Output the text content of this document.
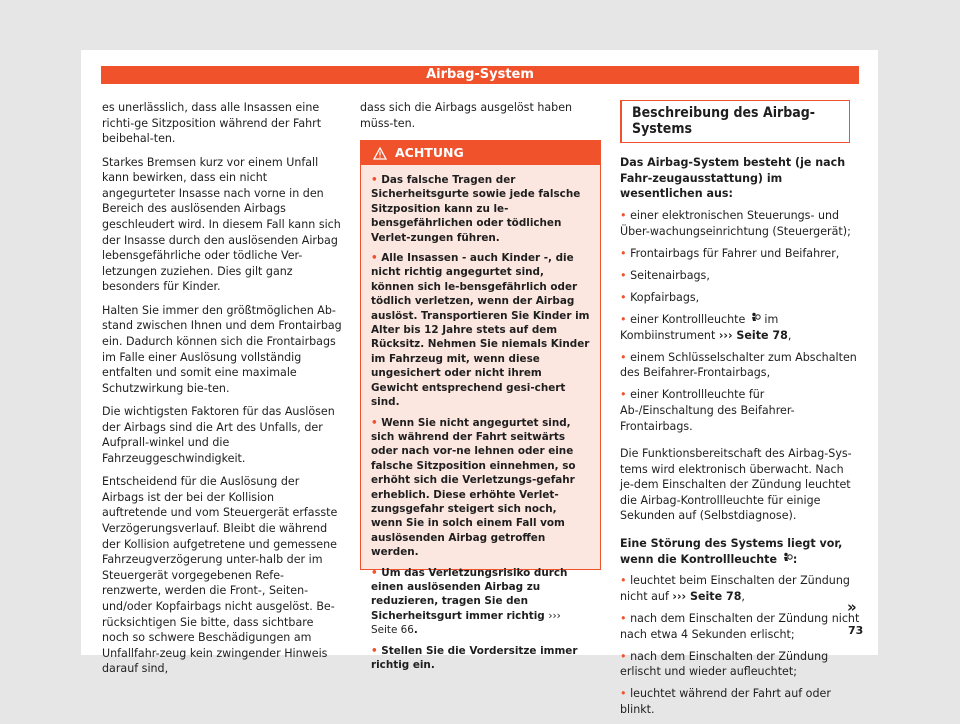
Airbag-System

es unerlässlich, dass alle Insassen eine richti-ge Sitzposition während der Fahrt beibehal-ten.

Starkes Bremsen kurz vor einem Unfall kann bewirken, dass ein nicht angegurteter Insasse nach vorne in den Bereich des auslösenden Airbags geschleudert wird. In diesem Fall kann sich der Insasse durch den auslösenden Airbag lebensgefährliche oder tödliche Ver-letzungen zuziehen. Dies gilt ganz besonders für Kinder.

Halten Sie immer den größtmöglichen Ab-stand zwischen Ihnen und dem Frontairbag ein. Dadurch können sich die Frontairbags im Falle einer Auslösung vollständig entfalten und somit eine maximale Schutzwirkung bie-ten.

Die wichtigsten Faktoren für das Auslösen der Airbags sind die Art des Unfalls, der Aufprall-winkel und die Fahrzeuggeschwindigkeit.

Entscheidend für die Auslösung der Airbags ist der bei der Kollision auftretende und vom Steuergerät erfasste Verzögerungsverlauf. Bleibt die während der Kollision aufgetretene und gemessene Fahrzeugverzögerung unter-halb der im Steuergerät vorgegebenen Refe-renzwerte, werden die Front-, Seiten- und/oder Kopfairbags nicht ausgelöst. Be-rücksichtigen Sie bitte, dass sichtbare noch so schwere Beschädigungen am Unfallfahr-zeug kein zwingender Hinweis darauf sind,

dass sich die Airbags ausgelöst haben müss-ten.

ACHTUNG

• Das falsche Tragen der Sicherheitsgurte sowie jede falsche Sitzposition kann zu le-bensgefährlichen oder tödlichen Verlet-zungen führen.

• Alle Insassen - auch Kinder -, die nicht richtig angegurtet sind, können sich le-bensgefährlich oder tödlich verletzen, wenn der Airbag auslöst. Transportieren Sie Kinder im Alter bis 12 Jahre stets auf dem Rücksitz. Nehmen Sie niemals Kinder im Fahrzeug mit, wenn diese ungesichert oder nicht ihrem Gewicht entsprechend gesi-chert sind.

• Wenn Sie nicht angegurtet sind, sich während der Fahrt seitwärts oder nach vor-ne lehnen oder eine falsche Sitzposition einnehmen, so erhöht sich die Verletzungs-gefahr erheblich. Diese erhöhte Verlet-zungsgefahr steigert sich noch, wenn Sie in solch einem Fall vom auslösenden Airbag getroffen werden.

• Um das Verletzungsrisiko durch einen auslösenden Airbag zu reduzieren, tragen Sie den Sicherheitsgurt immer richtig ››› Seite 66.

• Stellen Sie die Vordersitze immer richtig ein.

Beschreibung des Airbag-Systems

Das Airbag-System besteht (je nach Fahr-zeugausstattung) im wesentlichen aus:

• einer elektronischen Steuerungs- und Über-wachungseinrichtung (Steuergerät);
• Frontairbags für Fahrer und Beifahrer,
• Seitenairbags,
• Kopfairbags,
• einer Kontrollleuchte im Kombiinstrument ››› Seite 78,
• einem Schlüsselschalter zum Abschalten des Beifahrer-Frontairbags,
• einer Kontrollleuchte für Ab-/Einschaltung des Beifahrer-Frontairbags.

Die Funktionsbereitschaft des Airbag-Sys-tems wird elektronisch überwacht. Nach je-dem Einschalten der Zündung leuchtet die Airbag-Kontrollleuchte für einige Sekunden auf (Selbstdiagnose).

Eine Störung des Systems liegt vor, wenn die Kontrollleuchte :

• leuchtet beim Einschalten der Zündung nicht auf ››› Seite 78,
• nach dem Einschalten der Zündung nicht nach etwa 4 Sekunden erlischt;
• nach dem Einschalten der Zündung erlischt und wieder aufleuchtet;
• leuchtet während der Fahrt auf oder blinkt.
»
73
